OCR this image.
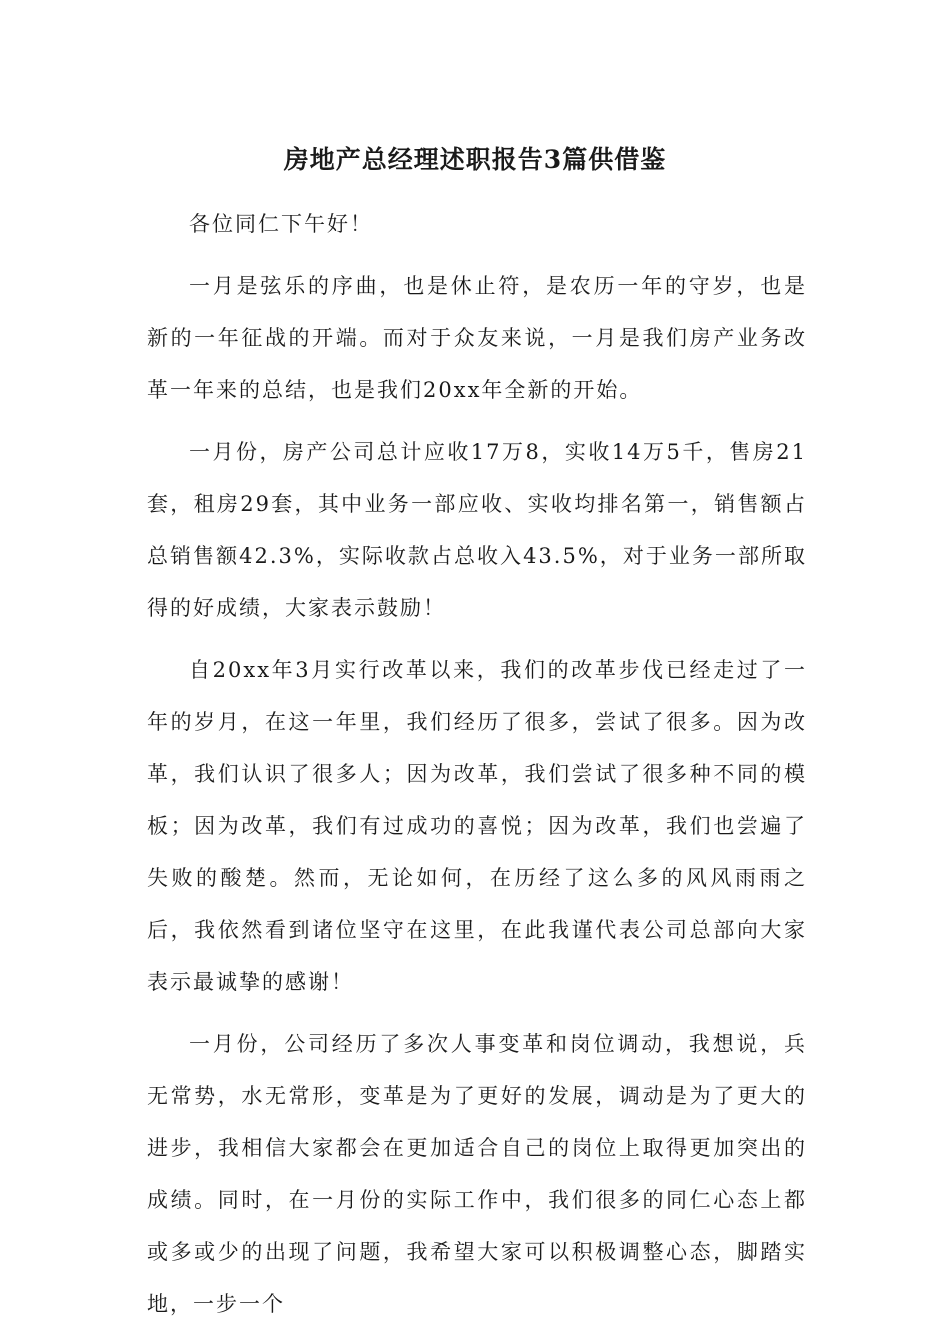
房地产总经理述职报告3篇供借鉴

各位同仁下午好！

一月是弦乐的序曲，也是休止符，是农历一年的守岁，也是新的一年征战的开端。而对于众友来说，一月是我们房产业务改革一年来的总结，也是我们20xx年全新的开始。

一月份，房产公司总计应收17万8，实收14万5千，售房21套，租房29套，其中业务一部应收、实收均排名第一，销售额占总销售额42.3%，实际收款占总收入43.5%，对于业务一部所取得的好成绩，大家表示鼓励！

自20xx年3月实行改革以来，我们的改革步伐已经走过了一年的岁月，在这一年里，我们经历了很多，尝试了很多。因为改革，我们认识了很多人；因为改革，我们尝试了很多种不同的模板；因为改革，我们有过成功的喜悦；因为改革，我们也尝遍了失败的酸楚。然而，无论如何，在历经了这么多的风风雨雨之后，我依然看到诸位坚守在这里，在此我谨代表公司总部向大家表示最诚挚的感谢！

一月份，公司经历了多次人事变革和岗位调动，我想说，兵无常势，水无常形，变革是为了更好的发展，调动是为了更大的进步，我相信大家都会在更加适合自己的岗位上取得更加突出的成绩。同时，在一月份的实际工作中，我们很多的同仁心态上都或多或少的出现了问题，我希望大家可以积极调整心态，脚踏实地，一步一个
